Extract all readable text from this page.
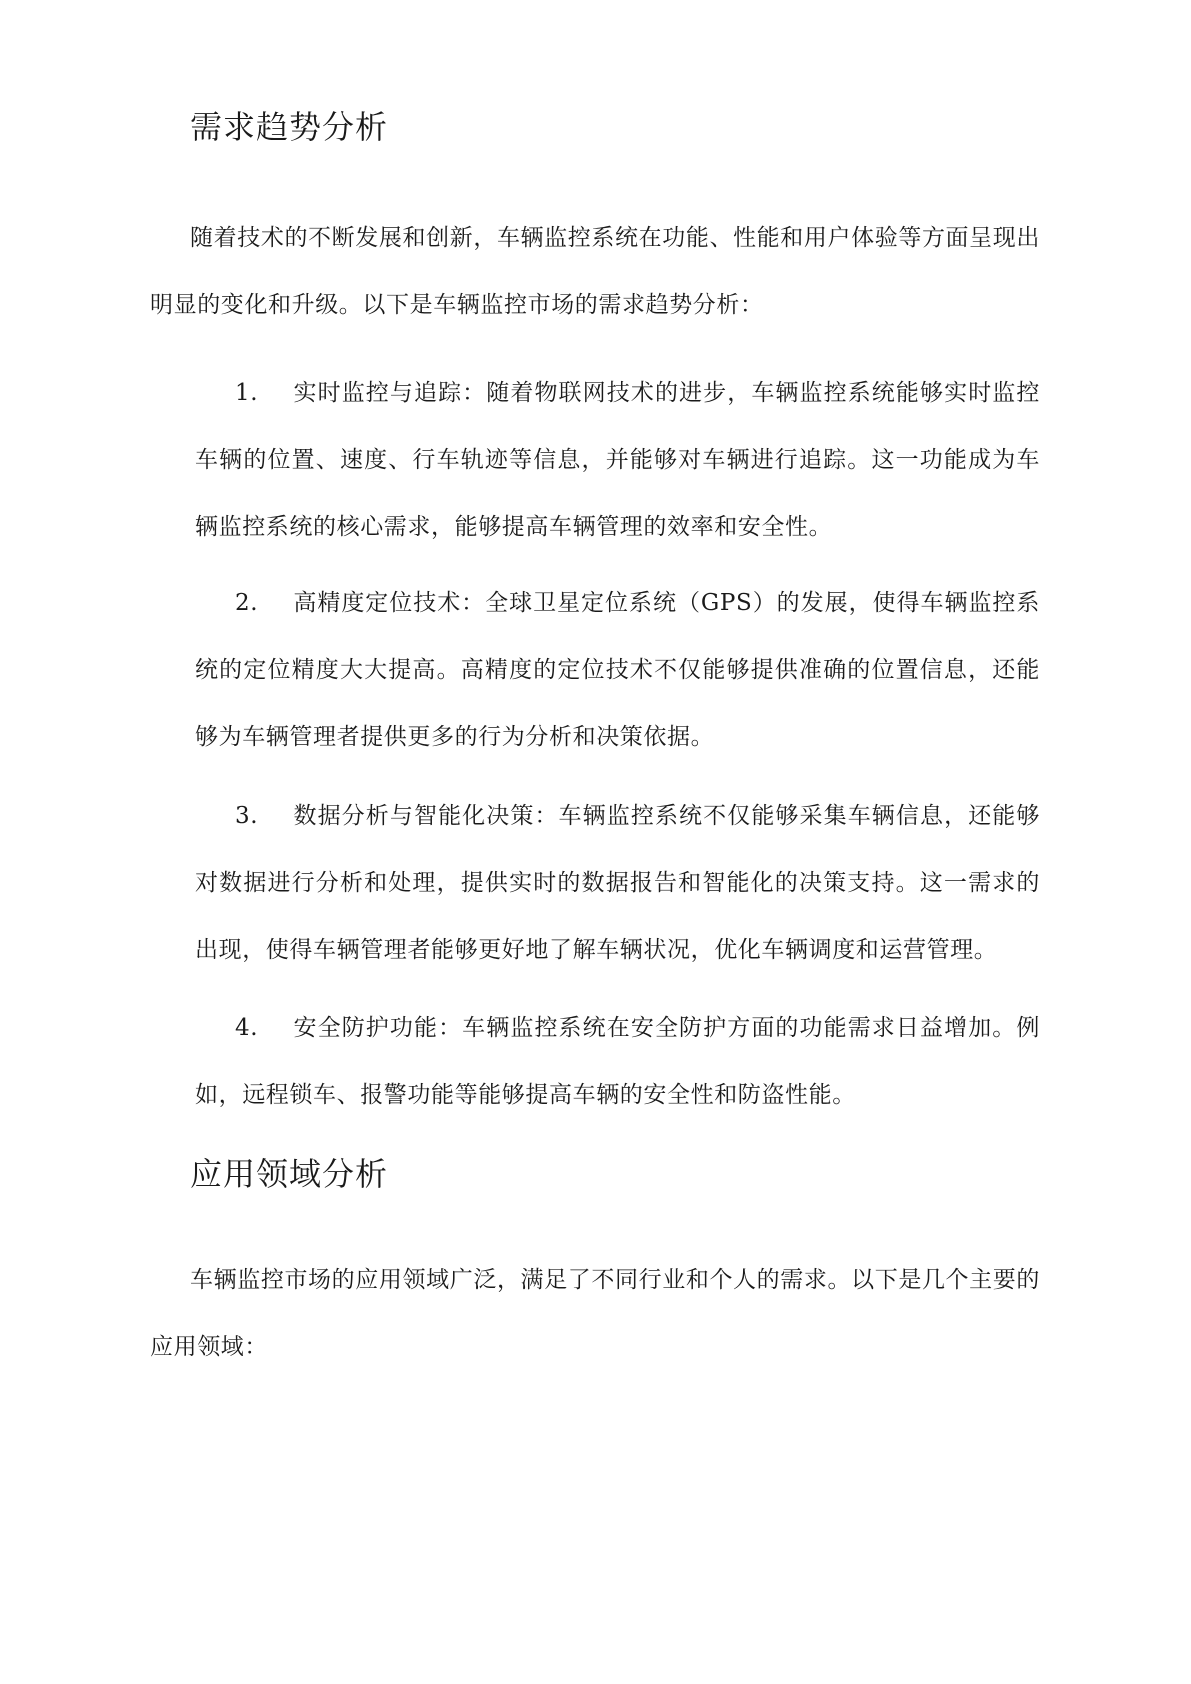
需求趋势分析

随着技术的不断发展和创新，车辆监控系统在功能、性能和用户体验等方面呈现出明显的变化和升级。以下是车辆监控市场的需求趋势分析：

1. 实时监控与追踪：随着物联网技术的进步，车辆监控系统能够实时监控车辆的位置、速度、行车轨迹等信息，并能够对车辆进行追踪。这一功能成为车辆监控系统的核心需求，能够提高车辆管理的效率和安全性。

2. 高精度定位技术：全球卫星定位系统（GPS）的发展，使得车辆监控系统的定位精度大大提高。高精度的定位技术不仅能够提供准确的位置信息，还能够为车辆管理者提供更多的行为分析和决策依据。

3. 数据分析与智能化决策：车辆监控系统不仅能够采集车辆信息，还能够对数据进行分析和处理，提供实时的数据报告和智能化的决策支持。这一需求的出现，使得车辆管理者能够更好地了解车辆状况，优化车辆调度和运营管理。

4. 安全防护功能：车辆监控系统在安全防护方面的功能需求日益增加。例如，远程锁车、报警功能等能够提高车辆的安全性和防盗性能。

应用领域分析

车辆监控市场的应用领域广泛，满足了不同行业和个人的需求。以下是几个主要的应用领域：
